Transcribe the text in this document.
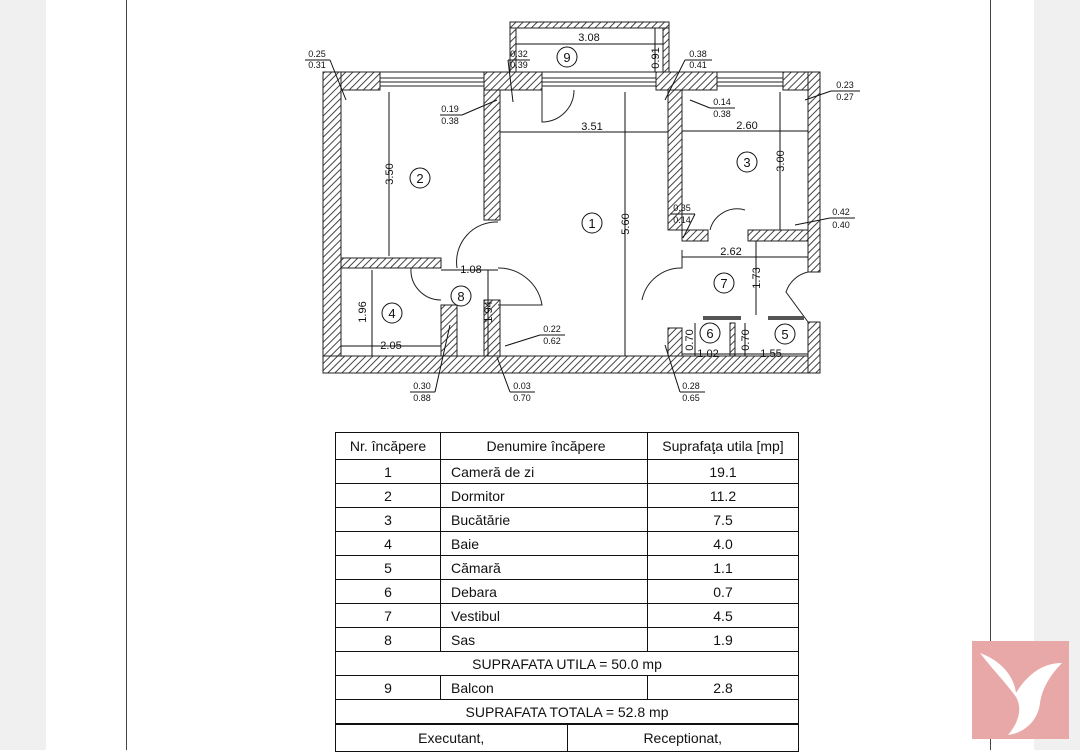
3.08
0.91
3.51	2.60
3.50
5.60
3.00
2.62
1.08
1.96	1.94
2.05
1.73
0.70	0.70
1.02	1.55
0.25
0.31
0.32
0.39
0.19
0.38
0.38
0.41
0.14
0.38
0.23
0.27
0.35
0.14
0.42
0.40
0.22
0.62
0.30
0.88
0.03
0.70
0.28
0.65
1
2
3
4
5
6
7
8
9
Nr. încăpere	Denumire încăpere	Suprafaţa utila [mp]
1	Cameră de zi	19.1
2	Dormitor	11.2
3	Bucătărie	7.5
4	Baie	4.0
5	Cămară	1.1
6	Debara	0.7
7	Vestibul	4.5
8	Sas	1.9
SUPRAFATA UTILA = 50.0 mp		
9	Balcon	2.8
SUPRAFATA TOTALA = 52.8 mp		
Executant,	Receptionat,
